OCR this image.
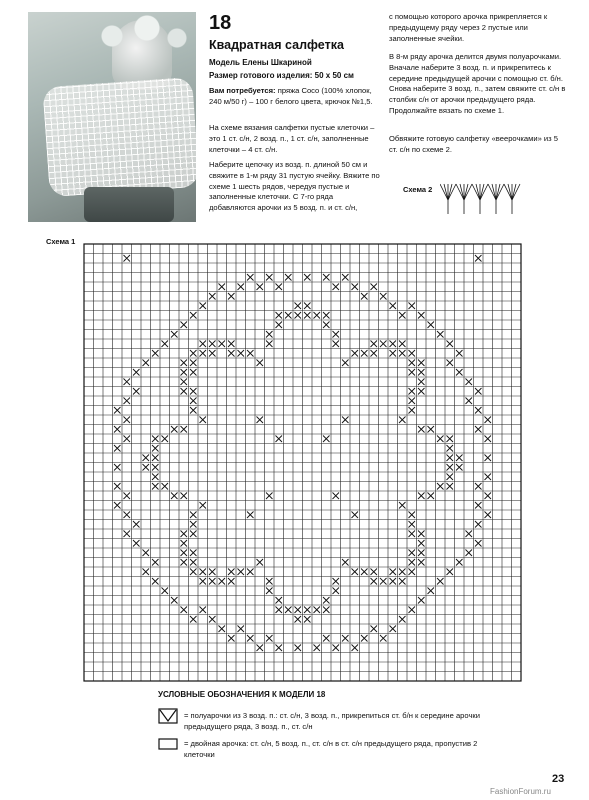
18
Квадратная салфетка
Модель Елены Шкариной
Размер готового изделия: 50 х 50 см

Вам потребуется: пряжа Coco (100% хлопок, 240 м/50 г) – 100 г белого цвета, крючок №1,5.

На схеме вязания салфетки пустые клеточки – это 1 ст. с/н, 2 возд. п., 1 ст. с/н, заполненные клеточки – 4 ст. с/н.

Наберите цепочку из возд. п. длиной 50 см и свяжите в 1-м ряду 31 пустую ячейку. Вяжите по схеме 1 шесть рядов, чередуя пустые и заполненные клеточки. С 7-го ряда добавляются арочки из 5 возд. п. и ст. с/н,

с помощью которого арочка прикрепляется к предыдущему ряду через 2 пустые или заполненные ячейки.

В 8-м ряду арочка делится двумя полуарочками. Вначале наберите 3 возд. п. и прикрепитесь к середине предыдущей арочки с помощью ст. б/н. Снова наберите 3 возд. п., затем свяжите ст. с/н в столбик с/н от арочки предыдущего ряда. Продолжайте вязать по схеме 1.

Обвяжите готовую салфетку «веерочками» из 5 ст. с/н по схеме 2.

Схема 2
Схема 1
УСЛОВНЫЕ ОБОЗНАЧЕНИЯ К МОДЕЛИ 18

= полуарочки из 3 возд. п.: ст. с/н, 3 возд. п., прикрепиться ст. б/н к середине арочки предыдущего ряда, 3 возд. п., ст. с/н

= двойная арочка: ст. с/н, 5 возд. п., ст. с/н в ст. с/н предыдущего ряда, пропустив 2 клеточки

23
FashionForum.ru
